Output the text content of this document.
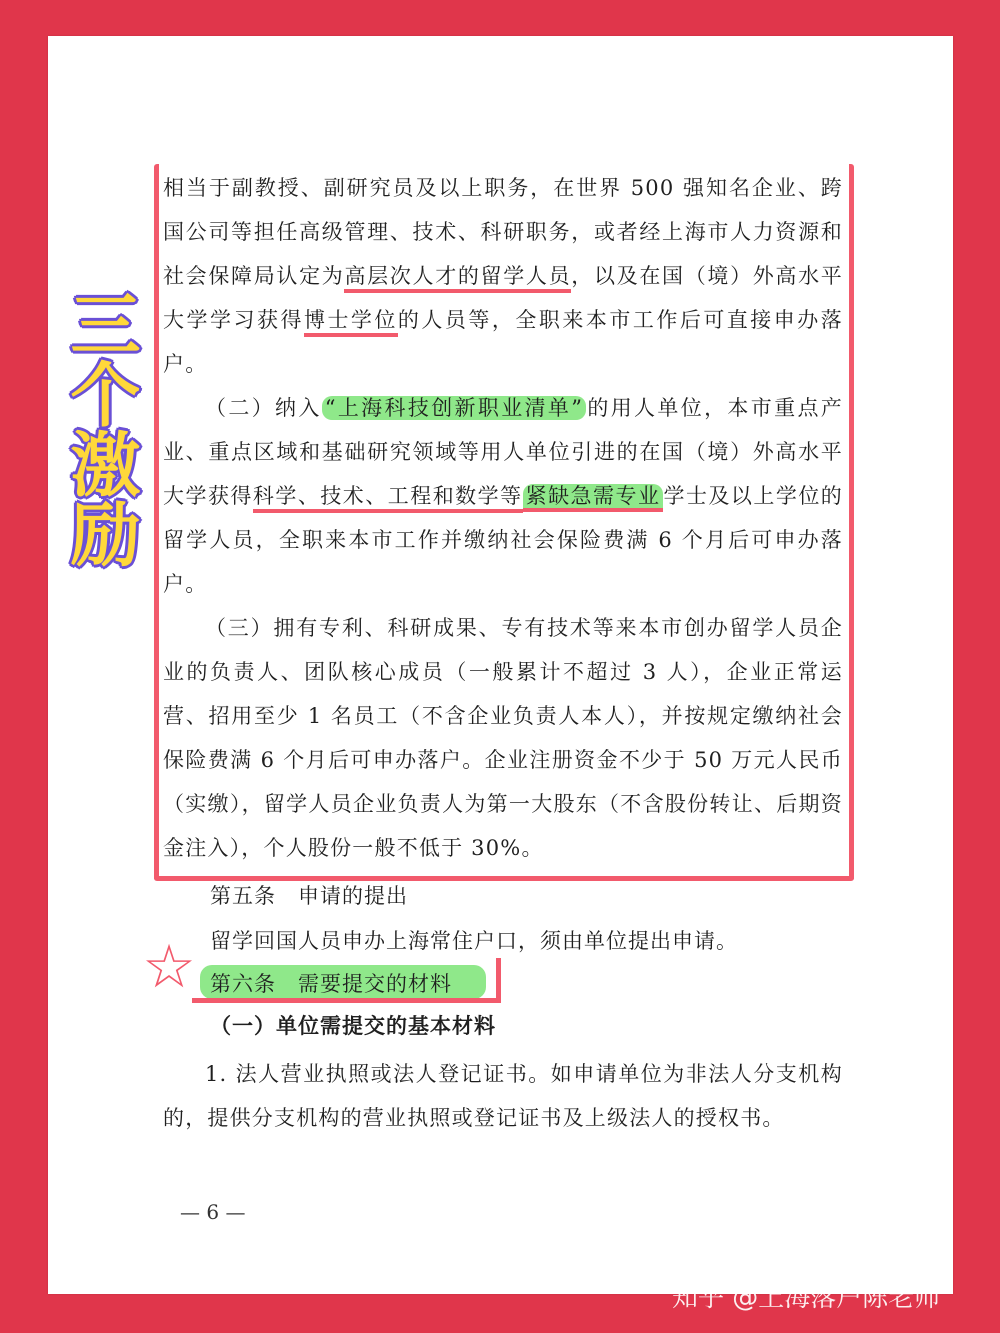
三个激励

相当于副教授、副研究员及以上职务，在世界 500 强知名企业、跨国公司等担任高级管理、技术、科研职务，或者经上海市人力资源和社会保障局认定为高层次人才的留学人员，以及在国（境）外高水平大学学习获得博士学位的人员等，全职来本市工作后可直接申办落户。

（二）纳入 “上海科技创新职业清单” 的用人单位，本市重点产业、重点区域和基础研究领域等用人单位引进的在国（境）外高水平大学获得科学、技术、工程和数学等 紧缺急需专业 学士及以上学位的留学人员，全职来本市工作并缴纳社会保险费满 6 个月后可申办落户。

（三）拥有专利、科研成果、专有技术等来本市创办留学人员企业的负责人、团队核心成员（一般累计不超过 3 人），企业正常运营、招用至少 1 名员工（不含企业负责人本人），并按规定缴纳社会保险费满 6 个月后可申办落户。企业注册资金不少于 50 万元人民币（实缴），留学人员企业负责人为第一大股东（不含股份转让、后期资金注入），个人股份一般不低于 30%。

第五条　申请的提出
留学回国人员申办上海常住户口，须由单位提出申请。
☆ 第六条　需要提交的材料
（一）单位需提交的基本材料

1. 法人营业执照或法人登记证书。如申请单位为非法人分支机构的，提供分支机构的营业执照或登记证书及上级法人的授权书。

— 6 —
知乎 @上海落户陈老师
